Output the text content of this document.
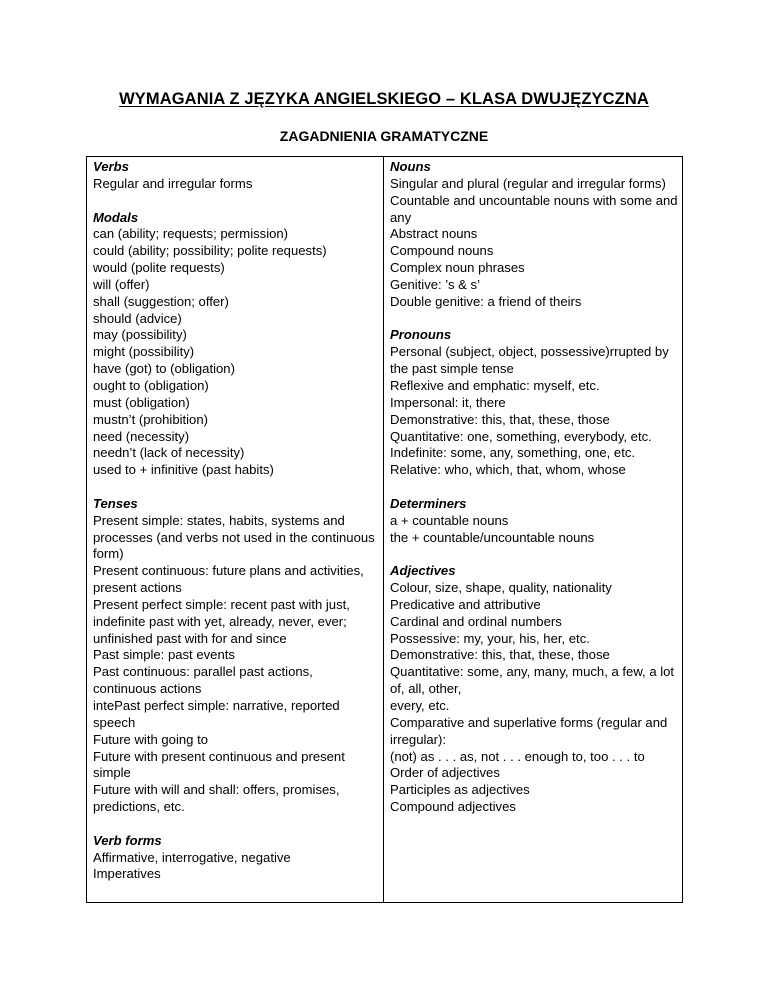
WYMAGANIA Z JĘZYKA ANGIELSKIEGO – KLASA DWUJĘZYCZNA
ZAGADNIENIA GRAMATYCZNE
Verbs
Regular and irregular forms
Modals
can (ability; requests; permission)
could (ability; possibility; polite requests)
would (polite requests)
will (offer)
shall (suggestion; offer)
should (advice)
may (possibility)
might (possibility)
have (got) to (obligation)
ought to (obligation)
must (obligation)
mustn’t (prohibition)
need (necessity)
needn’t (lack of necessity)
used to + infinitive (past habits)
Tenses
Present simple: states, habits, systems and processes (and verbs not used in the continuous form)
Present continuous: future plans and activities, present actions
Present perfect simple: recent past with just, indefinite past with yet, already, never, ever; unfinished past with for and since
Past simple: past events
Past continuous: parallel past actions, continuous actions
intePast perfect simple: narrative, reported speech
Future with going to
Future with present continuous and present simple
Future with will and shall: offers, promises, predictions, etc.
Verb forms
Affirmative, interrogative, negative
Imperatives
Nouns
Singular and plural (regular and irregular forms)
Countable and uncountable nouns with some and any
Abstract nouns
Compound nouns
Complex noun phrases
Genitive: ’s & s’
Double genitive: a friend of theirs
Pronouns
Personal (subject, object, possessive)rrupted by the past simple tense
Reflexive and emphatic: myself, etc.
Impersonal: it, there
Demonstrative: this, that, these, those
Quantitative: one, something, everybody, etc.
Indefinite: some, any, something, one, etc.
Relative: who, which, that, whom, whose
Determiners
a + countable nouns
the + countable/uncountable nouns
Adjectives
Colour, size, shape, quality, nationality
Predicative and attributive
Cardinal and ordinal numbers
Possessive: my, your, his, her, etc.
Demonstrative: this, that, these, those
Quantitative: some, any, many, much, a few, a lot of, all, other,
every, etc.
Comparative and superlative forms (regular and irregular):
(not) as . . . as, not . . . enough to, too . . . to
Order of adjectives
Participles as adjectives
Compound adjectives
